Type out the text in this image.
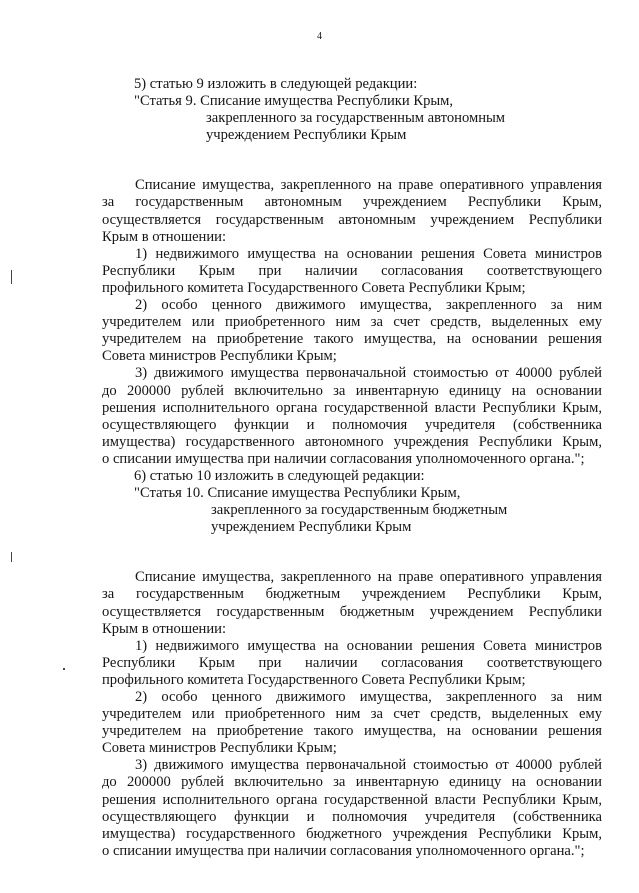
4
5) статью 9 изложить в следующей редакции:
"Статья 9. Списание имущества Республики Крым,
закрепленного за государственным автономным
учреждением Республики Крым
Списание имущества, закрепленного на праве оперативного управления
за государственным автономным учреждением Республики Крым,
осуществляется государственным автономным учреждением Республики
Крым в отношении:
1) недвижимого имущества на основании решения Совета министров
Республики Крым при наличии согласования соответствующего
профильного комитета Государственного Совета Республики Крым;
2) особо ценного движимого имущества, закрепленного за ним
учредителем или приобретенного ним за счет средств, выделенных ему
учредителем на приобретение такого имущества, на основании решения
Совета министров Республики Крым;
3) движимого имущества первоначальной стоимостью от 40000 рублей
до 200000 рублей включительно за инвентарную единицу на основании
решения исполнительного органа государственной власти Республики Крым,
осуществляющего функции и полномочия учредителя (собственника
имущества) государственного автономного учреждения Республики Крым,
о списании имущества при наличии согласования уполномоченного органа.";
6) статью 10 изложить в следующей редакции:
"Статья 10. Списание имущества Республики Крым,
закрепленного за государственным бюджетным
учреждением Республики Крым
Списание имущества, закрепленного на праве оперативного управления
за государственным бюджетным учреждением Республики Крым,
осуществляется государственным бюджетным учреждением Республики
Крым в отношении:
1) недвижимого имущества на основании решения Совета министров
Республики Крым при наличии согласования соответствующего
профильного комитета Государственного Совета Республики Крым;
2) особо ценного движимого имущества, закрепленного за ним
учредителем или приобретенного ним за счет средств, выделенных ему
учредителем на приобретение такого имущества, на основании решения
Совета министров Республики Крым;
3) движимого имущества первоначальной стоимостью от 40000 рублей
до 200000 рублей включительно за инвентарную единицу на основании
решения исполнительного органа государственной власти Республики Крым,
осуществляющего функции и полномочия учредителя (собственника
имущества) государственного бюджетного учреждения Республики Крым,
о списании имущества при наличии согласования уполномоченного органа.";
